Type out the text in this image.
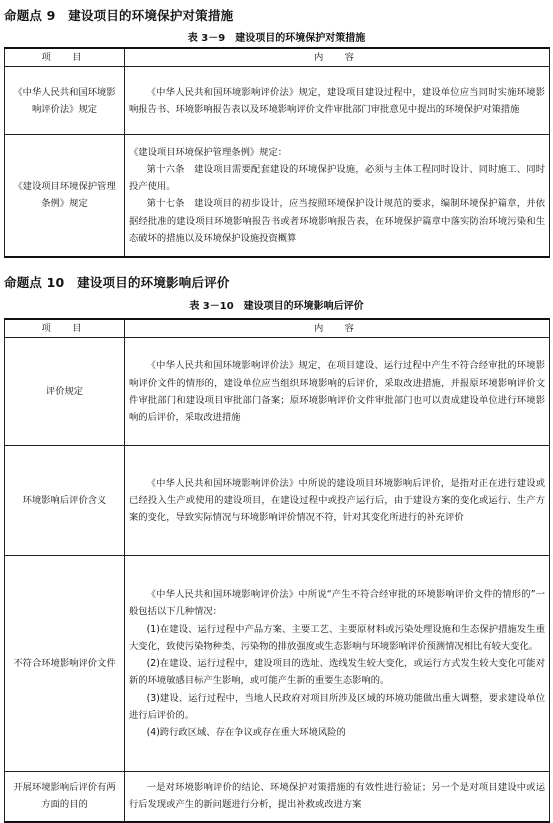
命题点 9　建设项目的环境保护对策措施
表 3－9　建设项目的环境保护对策措施
项　目	内　容
《中华人民共和国环境影响评价法》规定	《中华人民共和国环境影响评价法》规定，建设项目建设过程中，建设单位应当同时实施环境影响报告书、环境影响报告表以及环境影响评价文件审批部门审批意见中提出的环境保护对策措施

《建设项目环境保护管理条例》规定	《建设项目环境保护管理条例》规定：
第十六条　建设项目需要配套建设的环境保护设施，必须与主体工程同时设计、同时施工、同时投产使用。
第十七条　建设项目的初步设计，应当按照环境保护设计规范的要求，编制环境保护篇章，并依据经批准的建设项目环境影响报告书或者环境影响报告表，在环境保护篇章中落实防治环境污染和生态破坏的措施以及环境保护设施投资概算
命题点 10　建设项目的环境影响后评价
表 3－10　建设项目的环境影响后评价
项　目	内　容
评价规定	《中华人民共和国环境影响评价法》规定，在项目建设、运行过程中产生不符合经审批的环境影响评价文件的情形的，建设单位应当组织环境影响的后评价，采取改进措施，并报原环境影响评价文件审批部门和建设项目审批部门备案；原环境影响评价文件审批部门也可以责成建设单位进行环境影响的后评价，采取改进措施

环境影响后评价含义	《中华人民共和国环境影响评价法》中所说的建设项目环境影响后评价，是指对正在进行建设或已经投入生产或使用的建设项目，在建设过程中或投产运行后，由于建设方案的变化或运行、生产方案的变化，导致实际情况与环境影响评价情况不符，针对其变化所进行的补充评价

不符合环境影响评价文件	《中华人民共和国环境影响评价法》中所说“产生不符合经审批的环境影响评价文件的情形的”一般包括以下几种情况：
(1)在建设、运行过程中产品方案、主要工艺、主要原材料或污染处理设施和生态保护措施发生重大变化，致使污染物种类、污染物的排放强度或生态影响与环境影响评价预测情况相比有较大变化。
(2)在建设、运行过程中，建设项目的选址、选线发生较大变化，或运行方式发生较大变化可能对新的环境敏感目标产生影响，或可能产生新的重要生态影响的。
(3)建设、运行过程中，当地人民政府对项目所涉及区域的环境功能做出重大调整，要求建设单位进行后评价的。
(4)跨行政区域、存在争议或存在重大环境风险的

开展环境影响后评价有两方面的目的	一是对环境影响评价的结论、环境保护对策措施的有效性进行验证；另一个是对项目建设中或运行后发现或产生的新问题进行分析，提出补救或改进方案
